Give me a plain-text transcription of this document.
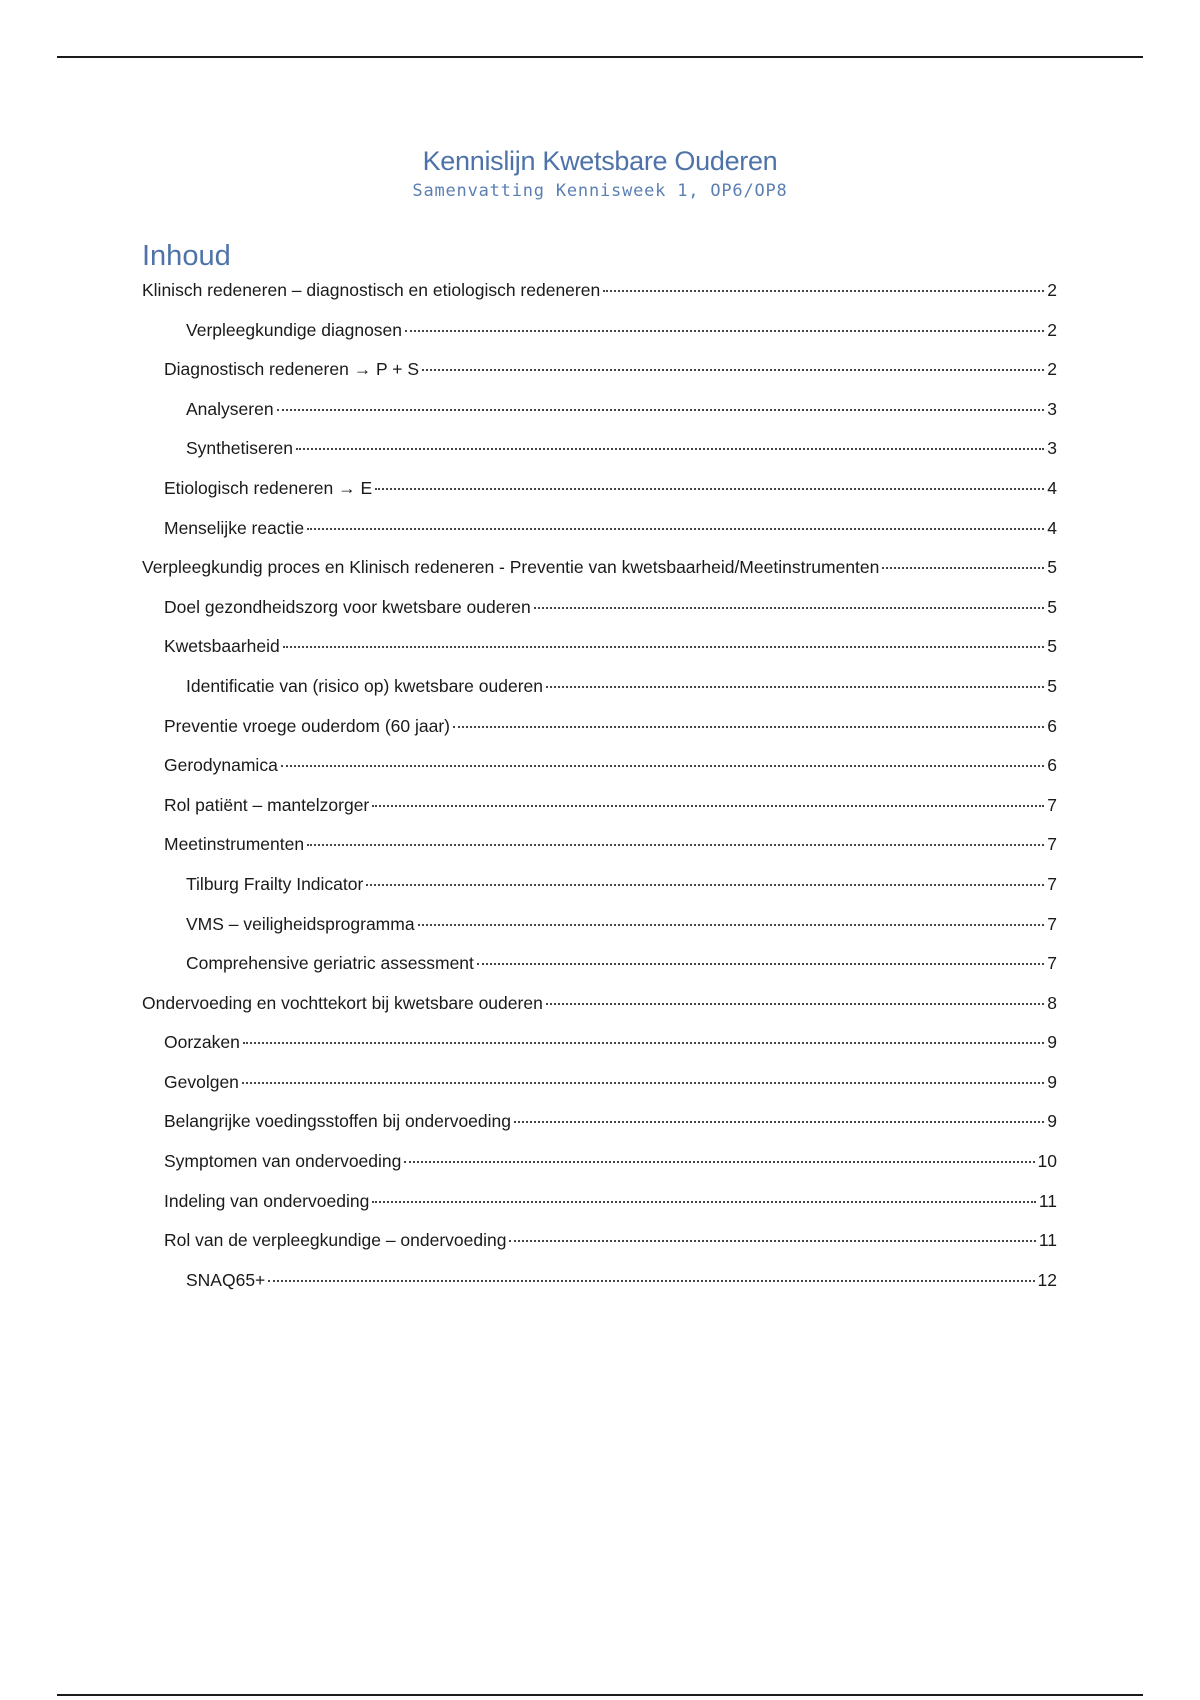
Kennislijn Kwetsbare Ouderen

Samenvatting Kennisweek 1, OP6/OP8

Inhoud
Klinisch redeneren – diagnostisch en etiologisch redeneren	2
Verpleegkundige diagnosen	2
Diagnostisch redeneren → P + S	2
Analyseren	3
Synthetiseren	3
Etiologisch redeneren → E	4
Menselijke reactie	4
Verpleegkundig proces en Klinisch redeneren - Preventie van kwetsbaarheid/Meetinstrumenten	5
Doel gezondheidszorg voor kwetsbare ouderen	5
Kwetsbaarheid	5
Identificatie van (risico op) kwetsbare ouderen	5
Preventie vroege ouderdom (60 jaar)	6
Gerodynamica	6
Rol patiënt – mantelzorger	7
Meetinstrumenten	7
Tilburg Frailty Indicator	7
VMS – veiligheidsprogramma	7
Comprehensive geriatric assessment	7
Ondervoeding en vochttekort bij kwetsbare ouderen	8
Oorzaken	9
Gevolgen	9
Belangrijke voedingsstoffen bij ondervoeding	9
Symptomen van ondervoeding	10
Indeling van ondervoeding	11
Rol van de verpleegkundige – ondervoeding	11
SNAQ65+	12
